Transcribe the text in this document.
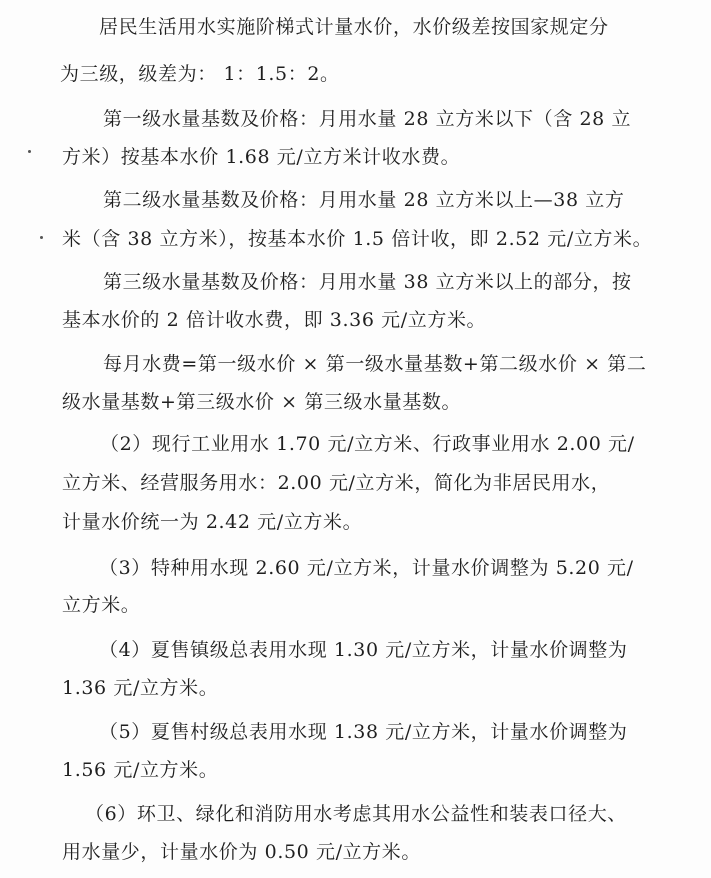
居民生活用水实施阶梯式计量水价，水价级差按国家规定分
为三级，级差为： 1：1.5：2。
第一级水量基数及价格：月用水量 28 立方米以下（含 28 立
方米）按基本水价 1.68 元/立方米计收水费。
第二级水量基数及价格：月用水量 28 立方米以上—38 立方
米（含 38 立方米），按基本水价 1.5 倍计收，即 2.52 元/立方米。
第三级水量基数及价格：月用水量 38 立方米以上的部分，按
基本水价的 2 倍计收水费，即 3.36 元/立方米。
每月水费=第一级水价 × 第一级水量基数+第二级水价 × 第二
级水量基数+第三级水价 × 第三级水量基数。
（2）现行工业用水 1.70 元/立方米、行政事业用水 2.00 元/
立方米、经营服务用水：2.00 元/立方米，简化为非居民用水，
计量水价统一为 2.42 元/立方米。
（3）特种用水现 2.60 元/立方米，计量水价调整为 5.20 元/
立方米。
（4）夏售镇级总表用水现 1.30 元/立方米，计量水价调整为
1.36 元/立方米。
（5）夏售村级总表用水现 1.38 元/立方米，计量水价调整为
1.56 元/立方米。
（6）环卫、绿化和消防用水考虑其用水公益性和装表口径大、
用水量少，计量水价为 0.50 元/立方米。
